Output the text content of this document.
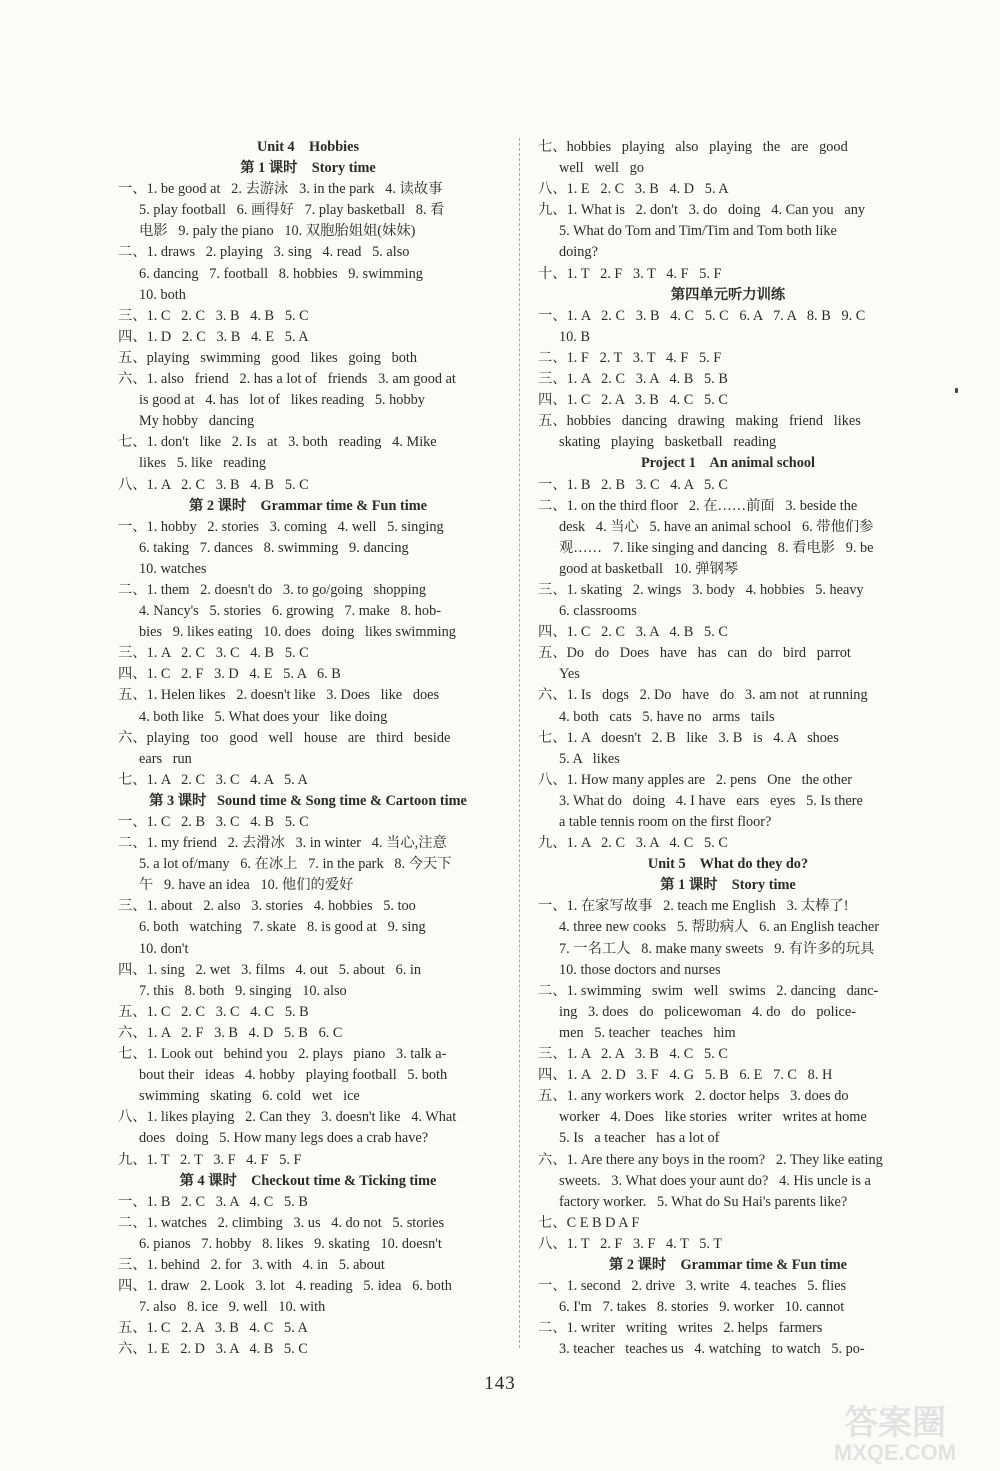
Unit 4    Hobbies
第 1 课时    Story time
一、1. be good at   2. 去游泳   3. in the park   4. 读故事
5. play football   6. 画得好   7. play basketball   8. 看
电影   9. paly the piano   10. 双胞胎姐姐(妹妹)
二、1. draws   2. playing   3. sing   4. read   5. also
6. dancing   7. football   8. hobbies   9. swimming
10. both
三、1. C   2. C   3. B   4. B   5. C
四、1. D   2. C   3. B   4. E   5. A
五、playing   swimming   good   likes   going   both
六、1. also   friend   2. has a lot of   friends   3. am good at
is good at   4. has   lot of   likes reading   5. hobby
My hobby   dancing
七、1. don't   like   2. Is   at   3. both   reading   4. Mike
likes   5. like   reading
八、1. A   2. C   3. B   4. B   5. C
第 2 课时    Grammar time & Fun time
一、1. hobby   2. stories   3. coming   4. well   5. singing
6. taking   7. dances   8. swimming   9. dancing
10. watches
二、1. them   2. doesn't do   3. to go/going   shopping
4. Nancy's   5. stories   6. growing   7. make   8. hob-
bies   9. likes eating   10. does   doing   likes swimming
三、1. A   2. C   3. C   4. B   5. C
四、1. C   2. F   3. D   4. E   5. A   6. B
五、1. Helen likes   2. doesn't like   3. Does   like   does
4. both like   5. What does your   like doing
六、playing   too   good   well   house   are   third   beside
ears   run
七、1. A   2. C   3. C   4. A   5. A
第 3 课时   Sound time & Song time & Cartoon time
一、1. C   2. B   3. C   4. B   5. C
二、1. my friend   2. 去滑冰   3. in winter   4. 当心,注意
5. a lot of/many   6. 在冰上   7. in the park   8. 今天下
午   9. have an idea   10. 他们的爱好
三、1. about   2. also   3. stories   4. hobbies   5. too
6. both   watching   7. skate   8. is good at   9. sing
10. don't
四、1. sing   2. wet   3. films   4. out   5. about   6. in
7. this   8. both   9. singing   10. also
五、1. C   2. C   3. C   4. C   5. B
六、1. A   2. F   3. B   4. D   5. B   6. C
七、1. Look out   behind you   2. plays   piano   3. talk a-
bout their   ideas   4. hobby   playing football   5. both
swimming   skating   6. cold   wet   ice
八、1. likes playing   2. Can they   3. doesn't like   4. What
does   doing   5. How many legs does a crab have?
九、1. T   2. T   3. F   4. F   5. F
第 4 课时    Checkout time & Ticking time
一、1. B   2. C   3. A   4. C   5. B
二、1. watches   2. climbing   3. us   4. do not   5. stories
6. pianos   7. hobby   8. likes   9. skating   10. doesn't
三、1. behind   2. for   3. with   4. in   5. about
四、1. draw   2. Look   3. lot   4. reading   5. idea   6. both
7. also   8. ice   9. well   10. with
五、1. C   2. A   3. B   4. C   5. A
六、1. E   2. D   3. A   4. B   5. C
七、hobbies   playing   also   playing   the   are   good
well   well   go
八、1. E   2. C   3. B   4. D   5. A
九、1. What is   2. don't   3. do   doing   4. Can you   any
5. What do Tom and Tim/Tim and Tom both like
doing?
十、1. T   2. F   3. T   4. F   5. F
第四单元听力训练
一、1. A   2. C   3. B   4. C   5. C   6. A   7. A   8. B   9. C
10. B
二、1. F   2. T   3. T   4. F   5. F
三、1. A   2. C   3. A   4. B   5. B
四、1. C   2. A   3. B   4. C   5. C
五、hobbies   dancing   drawing   making   friend   likes
skating   playing   basketball   reading
Project 1    An animal school
一、1. B   2. B   3. C   4. A   5. C
二、1. on the third floor   2. 在……前面   3. beside the
desk   4. 当心   5. have an animal school   6. 带他们参
观……   7. like singing and dancing   8. 看电影   9. be
good at basketball   10. 弹钢琴
三、1. skating   2. wings   3. body   4. hobbies   5. heavy
6. classrooms
四、1. C   2. C   3. A   4. B   5. C
五、Do   do   Does   have   has   can   do   bird   parrot
Yes
六、1. Is   dogs   2. Do   have   do   3. am not   at running
4. both   cats   5. have no   arms   tails
七、1. A   doesn't   2. B   like   3. B   is   4. A   shoes
5. A   likes
八、1. How many apples are   2. pens   One   the other
3. What do   doing   4. I have   ears   eyes   5. Is there
a table tennis room on the first floor?
九、1. A   2. C   3. A   4. C   5. C
Unit 5    What do they do?
第 1 课时    Story time
一、1. 在家写故事   2. teach me English   3. 太棒了!
4. three new cooks   5. 帮助病人   6. an English teacher
7. 一名工人   8. make many sweets   9. 有许多的玩具
10. those doctors and nurses
二、1. swimming   swim   well   swims   2. dancing   danc-
ing   3. does   do   policewoman   4. do   do   police-
men   5. teacher   teaches   him
三、1. A   2. A   3. B   4. C   5. C
四、1. A   2. D   3. F   4. G   5. B   6. E   7. C   8. H
五、1. any workers work   2. doctor helps   3. does do
worker   4. Does   like stories   writer   writes at home
5. Is   a teacher   has a lot of
六、1. Are there any boys in the room?   2. They like eating
sweets.   3. What does your aunt do?   4. His uncle is a
factory worker.   5. What do Su Hai's parents like?
七、C E B D A F
八、1. T   2. F   3. F   4. T   5. T
第 2 课时    Grammar time & Fun time
一、1. second   2. drive   3. write   4. teaches   5. flies
6. I'm   7. takes   8. stories   9. worker   10. cannot
二、1. writer   writing   writes   2. helps   farmers
3. teacher   teaches us   4. watching   to watch   5. po-
143
答案圈
MXQE.COM
